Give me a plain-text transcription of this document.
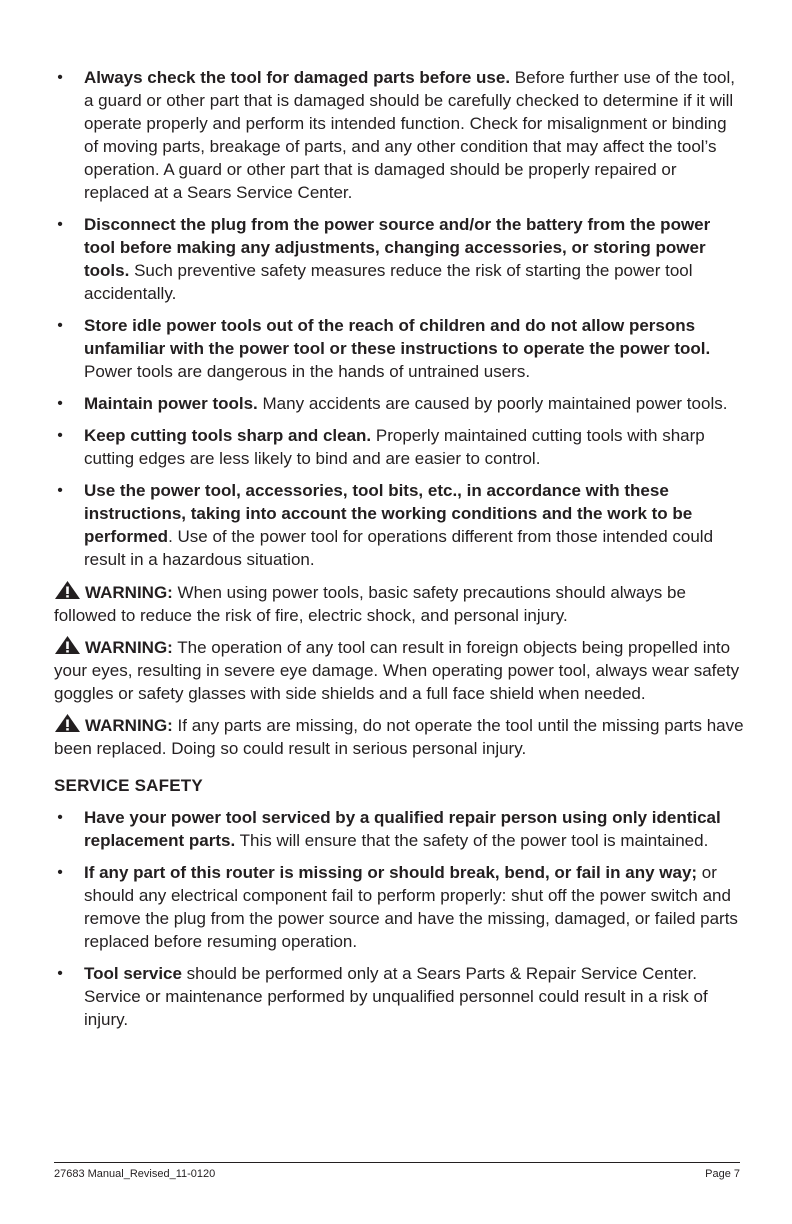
• Always check the tool for damaged parts before use. Before further use of the tool, a guard or other part that is damaged should be carefully checked to determine if it will operate properly and perform its intended function. Check for misalignment or binding of moving parts, breakage of parts, and any other condition that may affect the tool’s operation. A guard or other part that is damaged should be properly repaired or replaced at a Sears Service Center.
• Disconnect the plug from the power source and/or the battery from the power tool before making any adjustments, changing accessories, or storing power tools. Such preventive safety measures reduce the risk of starting the power tool accidentally.
• Store idle power tools out of the reach of children and do not allow persons unfamiliar with the power tool or these instructions to operate the power tool. Power tools are dangerous in the hands of untrained users.
• Maintain power tools. Many accidents are caused by poorly maintained power tools.
• Keep cutting tools sharp and clean. Properly maintained cutting tools with sharp cutting edges are less likely to bind and are easier to control.
• Use the power tool, accessories, tool bits, etc., in accordance with these instructions, taking into account the working conditions and the work to be performed. Use of the power tool for operations different from those intended could result in a hazardous situation.
WARNING: When using power tools, basic safety precautions should always be followed to reduce the risk of fire, electric shock, and personal injury.
WARNING: The operation of any tool can result in foreign objects being propelled into your eyes, resulting in severe eye damage. When operating power tool, always wear safety goggles or safety glasses with side shields and a full face shield when needed.
WARNING: If any parts are missing, do not operate the tool until the missing parts have been replaced. Doing so could result in serious personal injury.
SERVICE SAFETY
• Have your power tool serviced by a qualified repair person using only identical replacement parts. This will ensure that the safety of the power tool is maintained.
• If any part of this router is missing or should break, bend, or fail in any way; or should any electrical component fail to perform properly: shut off the power switch and remove the plug from the power source and have the missing, damaged, or failed parts replaced before resuming operation.
• Tool service should be performed only at a Sears Parts & Repair Service Center. Service or maintenance performed by unqualified personnel could result in a risk of injury.
27683 Manual_Revised_11-0120	Page 7
